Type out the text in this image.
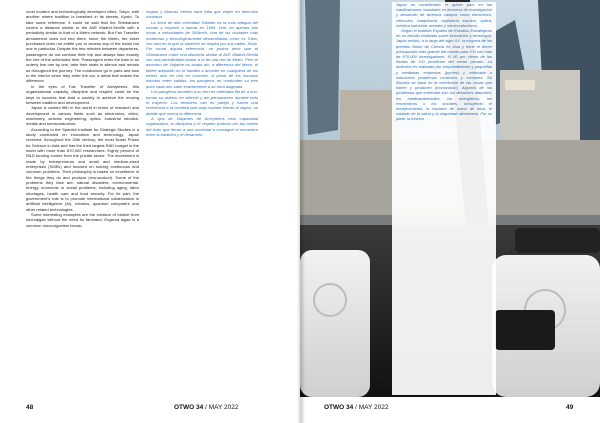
most modern and technologically developed cities, Tokyo, with another where tradition is breathed in its streets, Kyoto. To take some reference, it could be said that the Shinkansen covers a distance similar to the AVE Madrid-Seville with a periodicity similar to that of a Metro network. But Fair Traveller amusement does not end there, since the Metro, the ticket purchased does not entitle you to access any of the trains but one in particular. Despite the few minutes between departures, passengers do not confuse their trip and always take exactly the one of the scheduled time. Passengers enter the train in an orderly line one by one, take their seats in silence and remain so throughout the journey. The conductors go in pairs and bow to the interior when they enter the car, a detail that makes the difference.

In the eyes of Fair Traveller of Amsyteens, this organizational capacity, discipline and respect could be the keys to success that lead a society to achieve the moving between tradition and development.

Japan is ranked fifth in the world in terms of research and development in various fields such as electronics, video, machinery, seismic engineering, optics, industrial robotics, metals and semiconductors.

According to the Spanish Institute for Strategic Studies in a study conducted on innovation and technology, Japan received, throughout the 20th century, the most Nobel Prizes for Science in Asia and has the third largest R&D budget in the world with more than 670,000 researchers. Eighty percent of R&D funding comes from the private sector. The investment is made by entrepreneurs and small and medium-sized enterprises (SMEs) and focused on solving continuous and common problems. Their philosophy is based on excellence in the things they do and produce (monozukuri). Some of the problems they face are: natural disasters, environmental, energy, economic or social problems, including aging, labor shortages, health care and food security. For its part, the government's role is to promote international collaboration in artificial intelligence (AI), robotics, quantum computers and other related technologies.

Some interesting examples are the creation of biofuel from microalgae without the need for farmland. Euglena algae is a common microorganism becau-

negras y blancas treinta hace falta que viajen en dirección contraria.

La línea de alta velocidad Tokaido es la más antigua del mundo y empezó a operar en 1964. Une, en apenas dos horas a velocidades de 300km/h, una de las ciudades más modernas y tecnológicamente desarrolladas como es Tokio, con otra en la que la tradición se respira por sus calles, Kioto. Por tomar alguna referencia, se podría decir que el Shinkansen cubre una distancia similar al AVE Madrid-Sevilla con una periodicidad similar a la de una red de Metro. Pero el asombro de Viajante no acaba ahí, a diferencia del Metro, el billete adquirido no te habilita a acceder en cualquiera de los trenes sino en uno en concreto. A pesar de los escasos minutos entre salidas, los pasajeros no confunden su tren pues cada uno sabe exactamente a su hora asignada.

Los pasajeros acceden a su tren en ordenada fila de a uno, toman su asiento en silencio y así permanecen durante todo el trayecto. Los revisores van en pareja y hacen una reverencia a la comitiva que viaja cuando entran al vagón, un detalle que marca la diferencia.

A ojos de Viajantes de Amsyteens esta capacidad organizativa, la disciplina y el respeto podrían ser las claves del éxito que llevan a una sociedad a conseguir el encuentro entre la tradición y el desarrollo.

Japón es considerado el quinto país en las clasificaciones mundiales en términos de investigación y desarrollo de diversos campos como electrónica, vehículos, maquinaria, ingeniería sísmica, óptica, robótica industrial, metales y semiconductores.

Según el Instituto Español de Estudios Estratégicos en un estudio realizado sobre innovación y tecnología, Japón recibió, a lo largo del siglo XX, la mayoría de los premios Nobel de Ciencia en Asia y tiene el tercer presupuesto más grande del mundo para I+D con más de 670.000 investigadores. El 80 por ciento de los fondos de I+D provienen del sector privado. La inversión es realizada por emprendedores y pequeñas y medianas empresas (pymes) y enfocada a soluciones problemas continuos y comunes. Su filosofía se basa en la excelencia de las cosas que hacen y producen (monozukuri). Algunos de los problemas que enfrentan son: los desastres naturales, los medioambientales, los energéticos, los económicos o los sociales, incluyendo el envejecimiento, la escasez de mano de obra, el cuidado de la salud y la seguridad alimentaria. Por su parte, la función

48	OTWO 34 / MAY 2022	OTWO 34 / MAY 2022	49
